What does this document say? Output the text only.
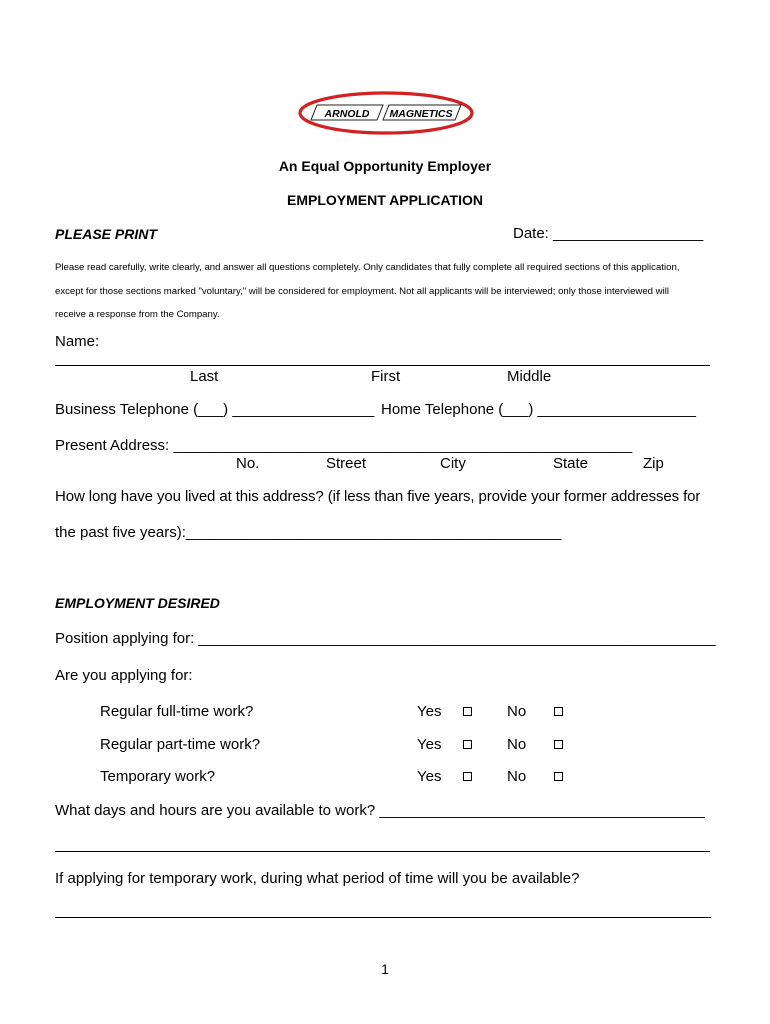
ARNOLD MAGNETICS
An Equal Opportunity Employer
EMPLOYMENT APPLICATION
PLEASE PRINT	Date: __________________
Please read carefully, write clearly, and answer all questions completely. Only candidates that fully complete all required sections of this application,
except for those sections marked "voluntary," will be considered for employment. Not all applicants will be interviewed; only those interviewed will
receive a response from the Company.
Name:
Last	First	Middle
Business Telephone (___) _________________ Home Telephone (___) ___________________
Present Address: _______________________________________________________
No.	Street	City	State	Zip
How long have you lived at this address? (if less than five years, provide your former addresses for
the past five years):_____________________________________________
EMPLOYMENT DESIRED
Position applying for: ______________________________________________________________
Are you applying for:
Regular full-time work?	Yes	No
Regular part-time work?	Yes	No
Temporary work?	Yes	No
What days and hours are you available to work? _______________________________________
If applying for temporary work, during what period of time will you be available?
1
